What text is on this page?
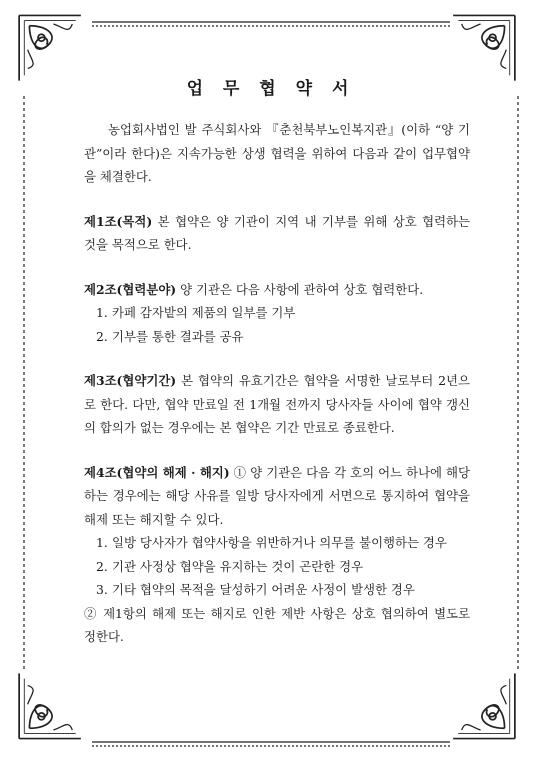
업 무 협 약 서

농업회사법인 발 주식회사와 『춘천북부노인복지관』(이하 “양 기관”이라 한다)은 지속가능한 상생 협력을 위하여 다음과 같이 업무협약을 체결한다.

제1조(목적) 본 협약은 양 기관이 지역 내 기부를 위해 상호 협력하는 것을 목적으로 한다.

제2조(협력분야) 양 기관은 다음 사항에 관하여 상호 협력한다.

1. 카페 감자밭의 제품의 일부를 기부
2. 기부를 통한 결과를 공유

제3조(협약기간) 본 협약의 유효기간은 협약을 서명한 날로부터 2년으로 한다. 다만, 협약 만료일 전 1개월 전까지 당사자들 사이에 협약 갱신의 합의가 없는 경우에는 본 협약은 기간 만료로 종료한다.

제4조(협약의 해제 · 해지) ① 양 기관은 다음 각 호의 어느 하나에 해당하는 경우에는 해당 사유를 일방 당사자에게 서면으로 통지하여 협약을 해제 또는 해지할 수 있다.

1. 일방 당사자가 협약사항을 위반하거나 의무를 불이행하는 경우
2. 기관 사정상 협약을 유지하는 것이 곤란한 경우
3. 기타 협약의 목적을 달성하기 어려운 사정이 발생한 경우

② 제1항의 해제 또는 해지로 인한 제반 사항은 상호 협의하여 별도로 정한다.
